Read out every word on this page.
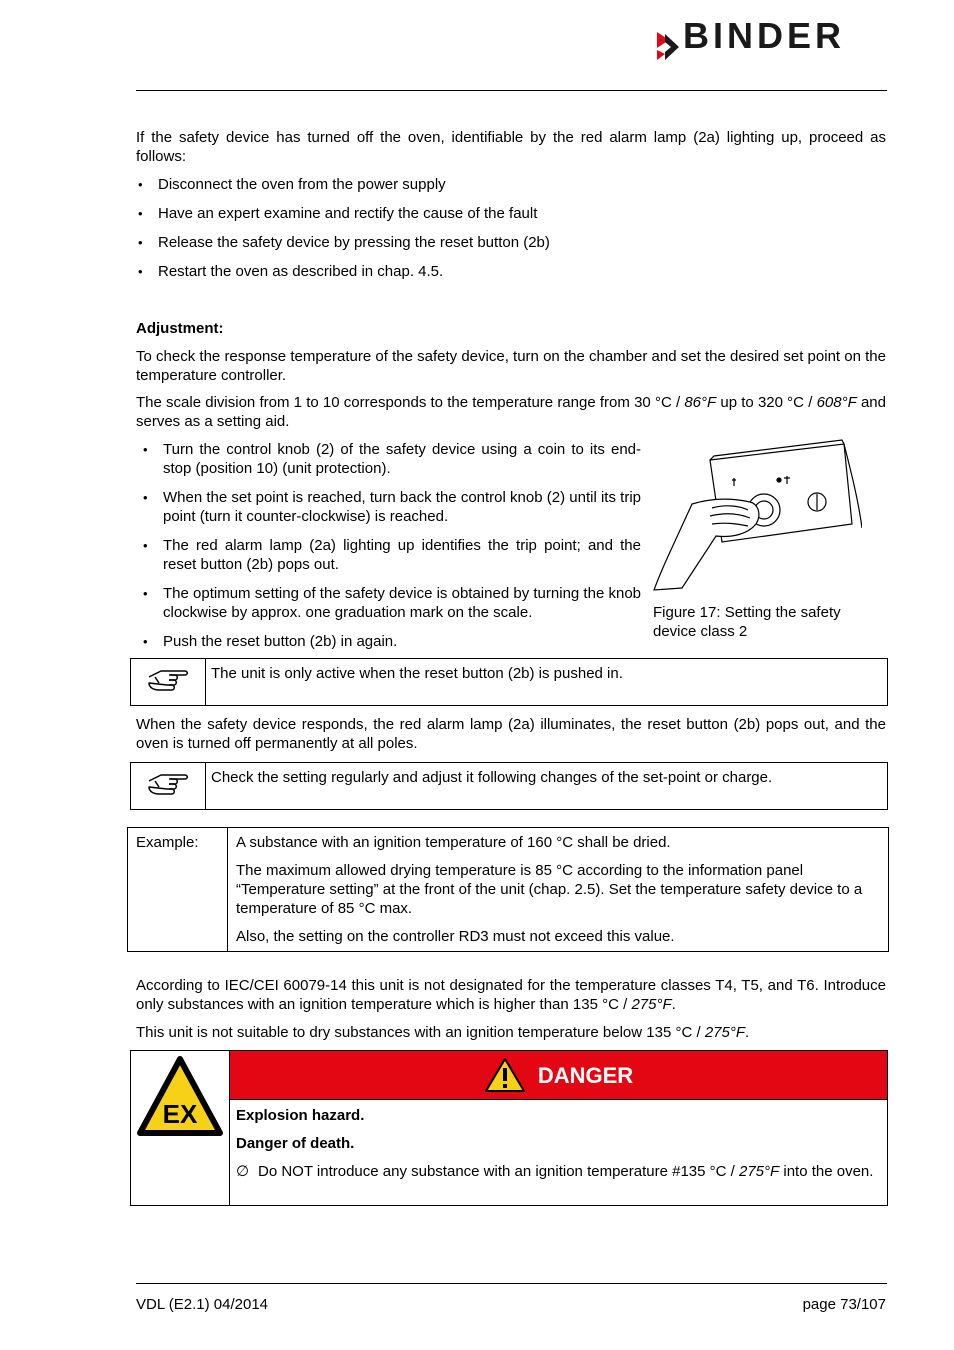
BINDER

If the safety device has turned off the oven, identifiable by the red alarm lamp (2a) lighting up, proceed as follows:

• Disconnect the oven from the power supply
• Have an expert examine and rectify the cause of the fault
• Release the safety device by pressing the reset button (2b)
• Restart the oven as described in chap. 4.5.

Adjustment:

To check the response temperature of the safety device, turn on the chamber and set the desired set point on the temperature controller.

The scale division from 1 to 10 corresponds to the temperature range from 30 °C / 86°F up to 320 °C / 608°F and serves as a setting aid.

• Turn the control knob (2) of the safety device using a coin to its end-stop (position 10) (unit protection).
• When the set point is reached, turn back the control knob (2) until its trip point (turn it counter-clockwise) is reached.
• The red alarm lamp (2a) lighting up identifies the trip point; and the reset button (2b) pops out.
• The optimum setting of the safety device is obtained by turning the knob clockwise by approx. one graduation mark on the scale.
• Push the reset button (2b) in again.

Figure 17: Setting the safety device class 2

The unit is only active when the reset button (2b) is pushed in.

When the safety device responds, the red alarm lamp (2a) illuminates, the reset button (2b) pops out, and the oven is turned off permanently at all poles.

Check the setting regularly and adjust it following changes of the set-point or charge.
Example:	A substance with an ignition temperature of 160 °C shall be dried.

The maximum allowed drying temperature is 85 °C according to the information panel “Temperature setting” at the front of the unit (chap. 2.5). Set the temperature safety device to a temperature of 85 °C max.

Also, the setting on the controller RD3 must not exceed this value.

According to IEC/CEI 60079-14 this unit is not designated for the temperature classes T4, T5, and T6. Introduce only substances with an ignition temperature which is higher than 135 °C / 275°F.

This unit is not suitable to dry substances with an ignition temperature below 135 °C / 275°F.

EX
DANGER

Explosion hazard.

Danger of death.

∅ Do NOT introduce any substance with an ignition temperature #135 °C / 275°F into the oven.
VDL (E2.1) 04/2014	page 73/107
